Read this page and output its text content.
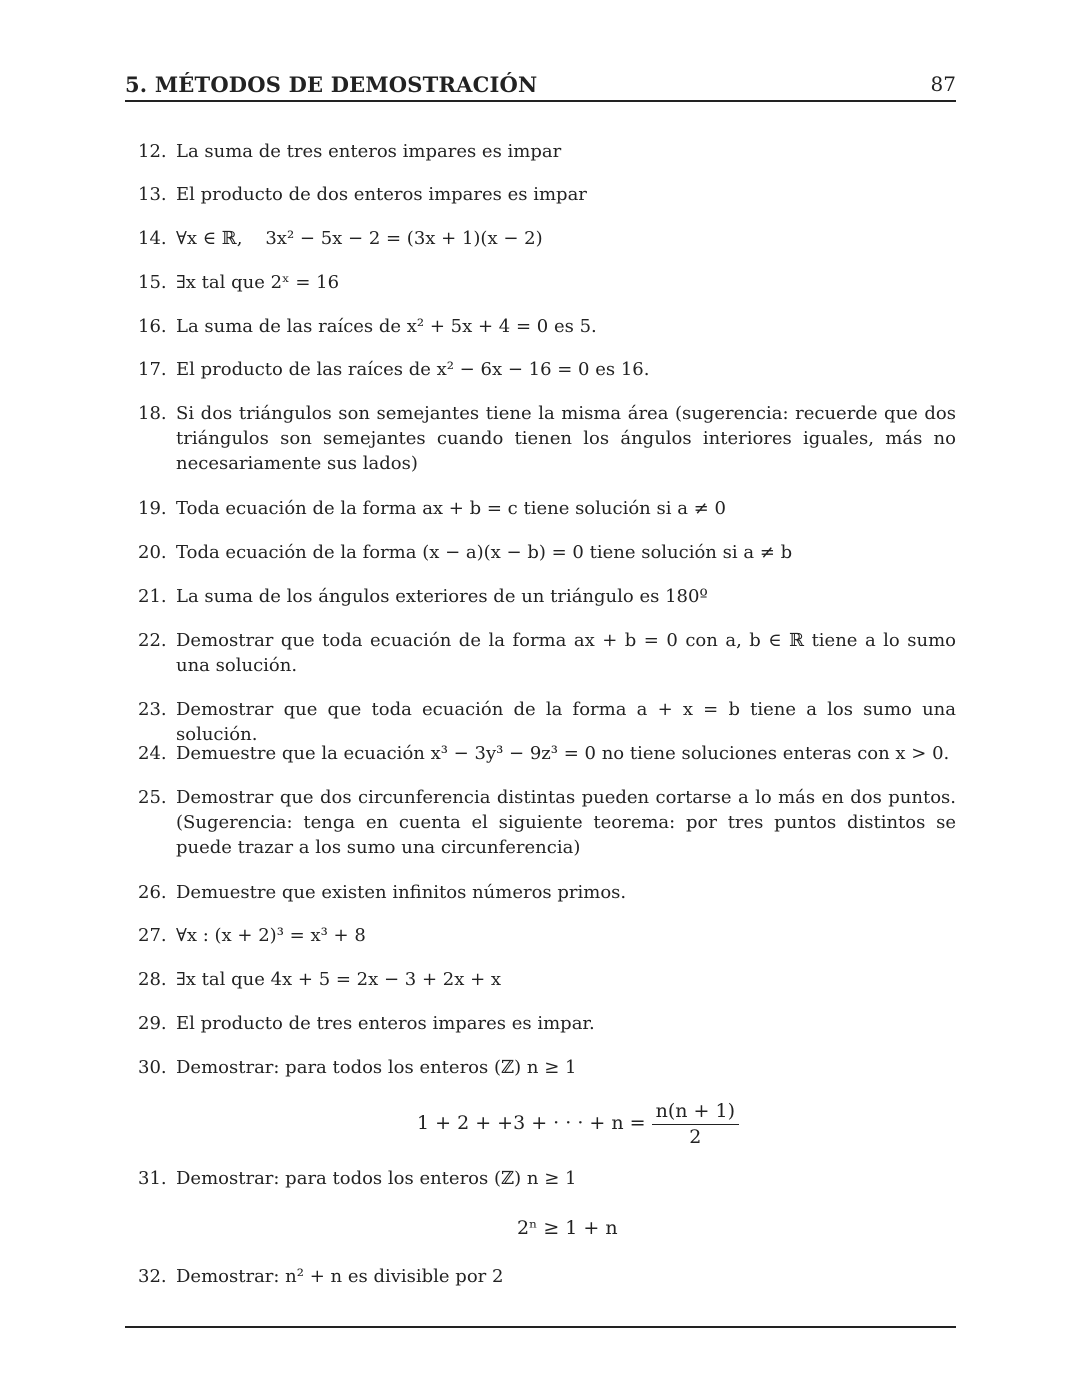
5. MÉTODOS DE DEMOSTRACIÓN	87
12. La suma de tres enteros impares es impar
13. El producto de dos enteros impares es impar
14. ∀x ∈ ℝ,    3x² − 5x − 2 = (3x + 1)(x − 2)
15. ∃x tal que 2ˣ = 16
16. La suma de las raíces de x² + 5x + 4 = 0 es 5.
17. El producto de las raíces de x² − 6x − 16 = 0 es 16.
18. Si dos triángulos son semejantes tiene la misma área (sugerencia: recuerde que dos triángulos son semejantes cuando tienen los ángulos interiores iguales, más no necesariamente sus lados)
19. Toda ecuación de la forma ax + b = c tiene solución si a ≠ 0
20. Toda ecuación de la forma (x − a)(x − b) = 0 tiene solución si a ≠ b
21. La suma de los ángulos exteriores de un triángulo es 180º
22. Demostrar que toda ecuación de la forma ax + b = 0 con a, b ∈ ℝ tiene a lo sumo una solución.
23. Demostrar que que toda ecuación de la forma a + x = b tiene a los sumo una solución.
24. Demuestre que la ecuación x³ − 3y³ − 9z³ = 0 no tiene soluciones enteras con x > 0.
25. Demostrar que dos circunferencia distintas pueden cortarse a lo más en dos puntos. (Sugerencia: tenga en cuenta el siguiente teorema: por tres puntos distintos se puede trazar a los sumo una circunferencia)
26. Demuestre que existen infinitos números primos.
27. ∀x : (x + 2)³ = x³ + 8
28. ∃x tal que 4x + 5 = 2x − 3 + 2x + x
29. El producto de tres enteros impares es impar.
30. Demostrar: para todos los enteros (ℤ) n ≥ 1
1 + 2 + +3 + · · · + $n = \frac{n(n + 1)}{2}$
31. Demostrar: para todos los enteros (ℤ) n ≥ 1
2ⁿ ≥ 1 + n
32. Demostrar: n² + n es divisible por 2
